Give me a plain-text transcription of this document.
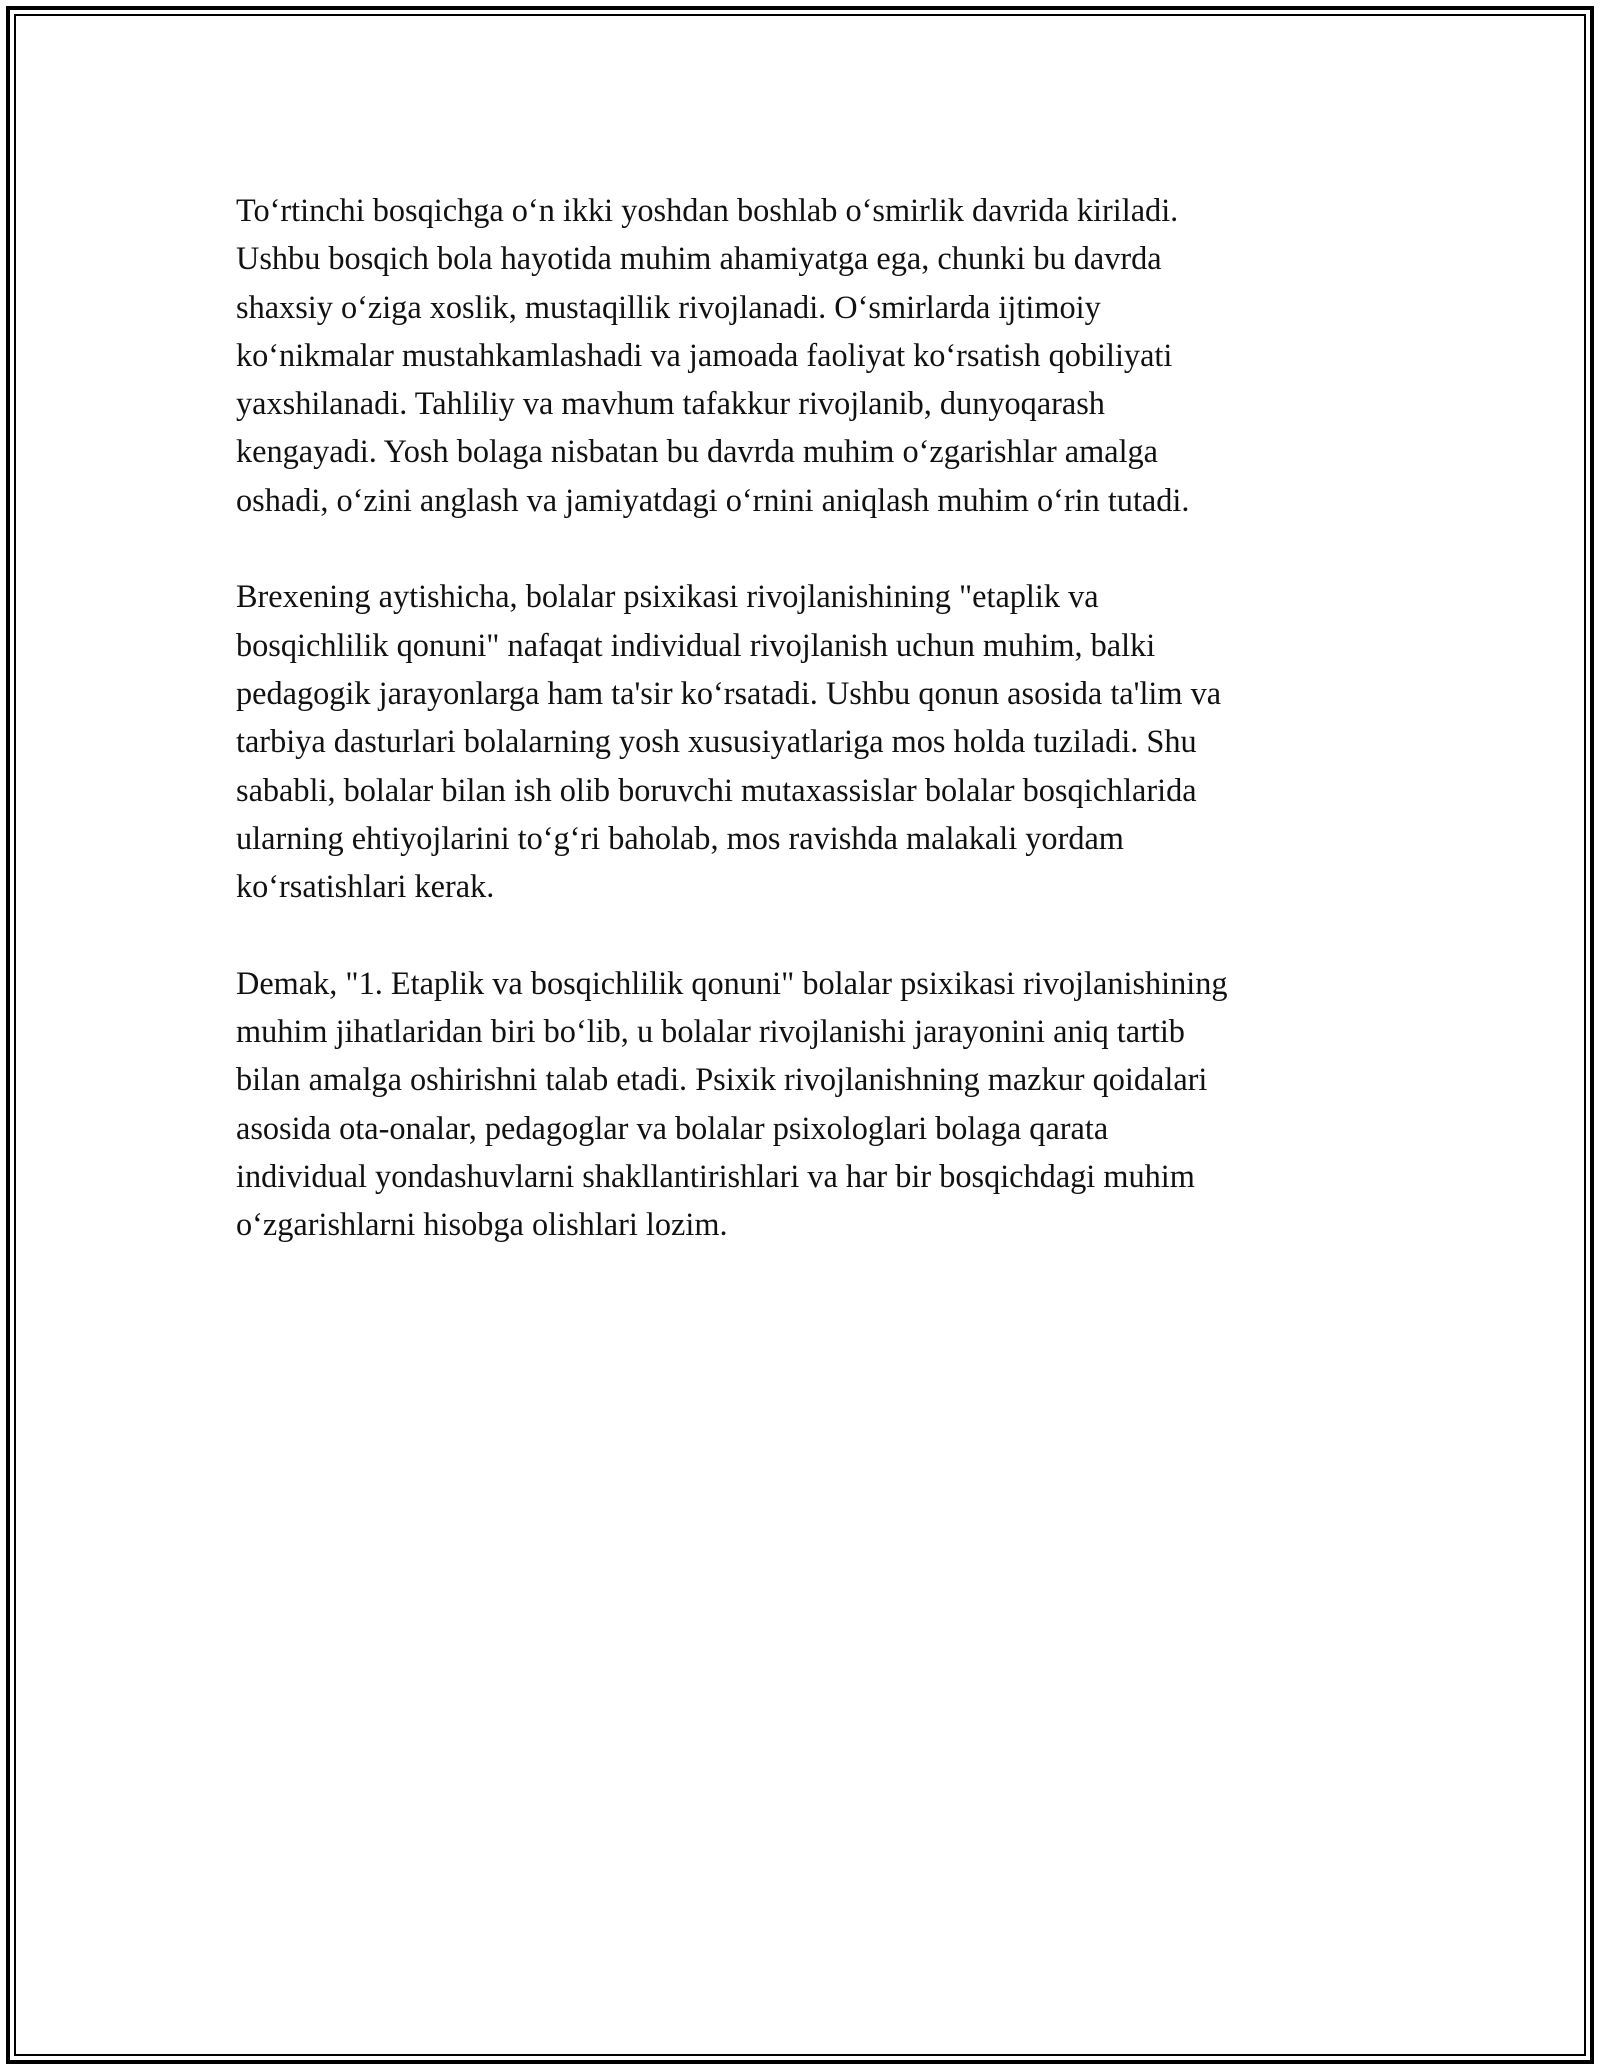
To‘rtinchi bosqichga o‘n ikki yoshdan boshlab o‘smirlik davrida kiriladi.
Ushbu bosqich bola hayotida muhim ahamiyatga ega, chunki bu davrda
shaxsiy o‘ziga xoslik, mustaqillik rivojlanadi. O‘smirlarda ijtimoiy
ko‘nikmalar mustahkamlashadi va jamoada faoliyat ko‘rsatish qobiliyati
yaxshilanadi. Tahliliy va mavhum tafakkur rivojlanib, dunyoqarash
kengayadi. Yosh bolaga nisbatan bu davrda muhim o‘zgarishlar amalga
oshadi, o‘zini anglash va jamiyatdagi o‘rnini aniqlash muhim o‘rin tutadi.

Brexening aytishicha, bolalar psixikasi rivojlanishining "etaplik va
bosqichlilik qonuni" nafaqat individual rivojlanish uchun muhim, balki
pedagogik jarayonlarga ham ta'sir ko‘rsatadi. Ushbu qonun asosida ta'lim va
tarbiya dasturlari bolalarning yosh xususiyatlariga mos holda tuziladi. Shu
sababli, bolalar bilan ish olib boruvchi mutaxassislar bolalar bosqichlarida
ularning ehtiyojlarini to‘g‘ri baholab, mos ravishda malakali yordam
ko‘rsatishlari kerak.

Demak, "1. Etaplik va bosqichlilik qonuni" bolalar psixikasi rivojlanishining
muhim jihatlaridan biri bo‘lib, u bolalar rivojlanishi jarayonini aniq tartib
bilan amalga oshirishni talab etadi. Psixik rivojlanishning mazkur qoidalari
asosida ota-onalar, pedagoglar va bolalar psixologlari bolaga qarata
individual yondashuvlarni shakllantirishlari va har bir bosqichdagi muhim
o‘zgarishlarni hisobga olishlari lozim.
